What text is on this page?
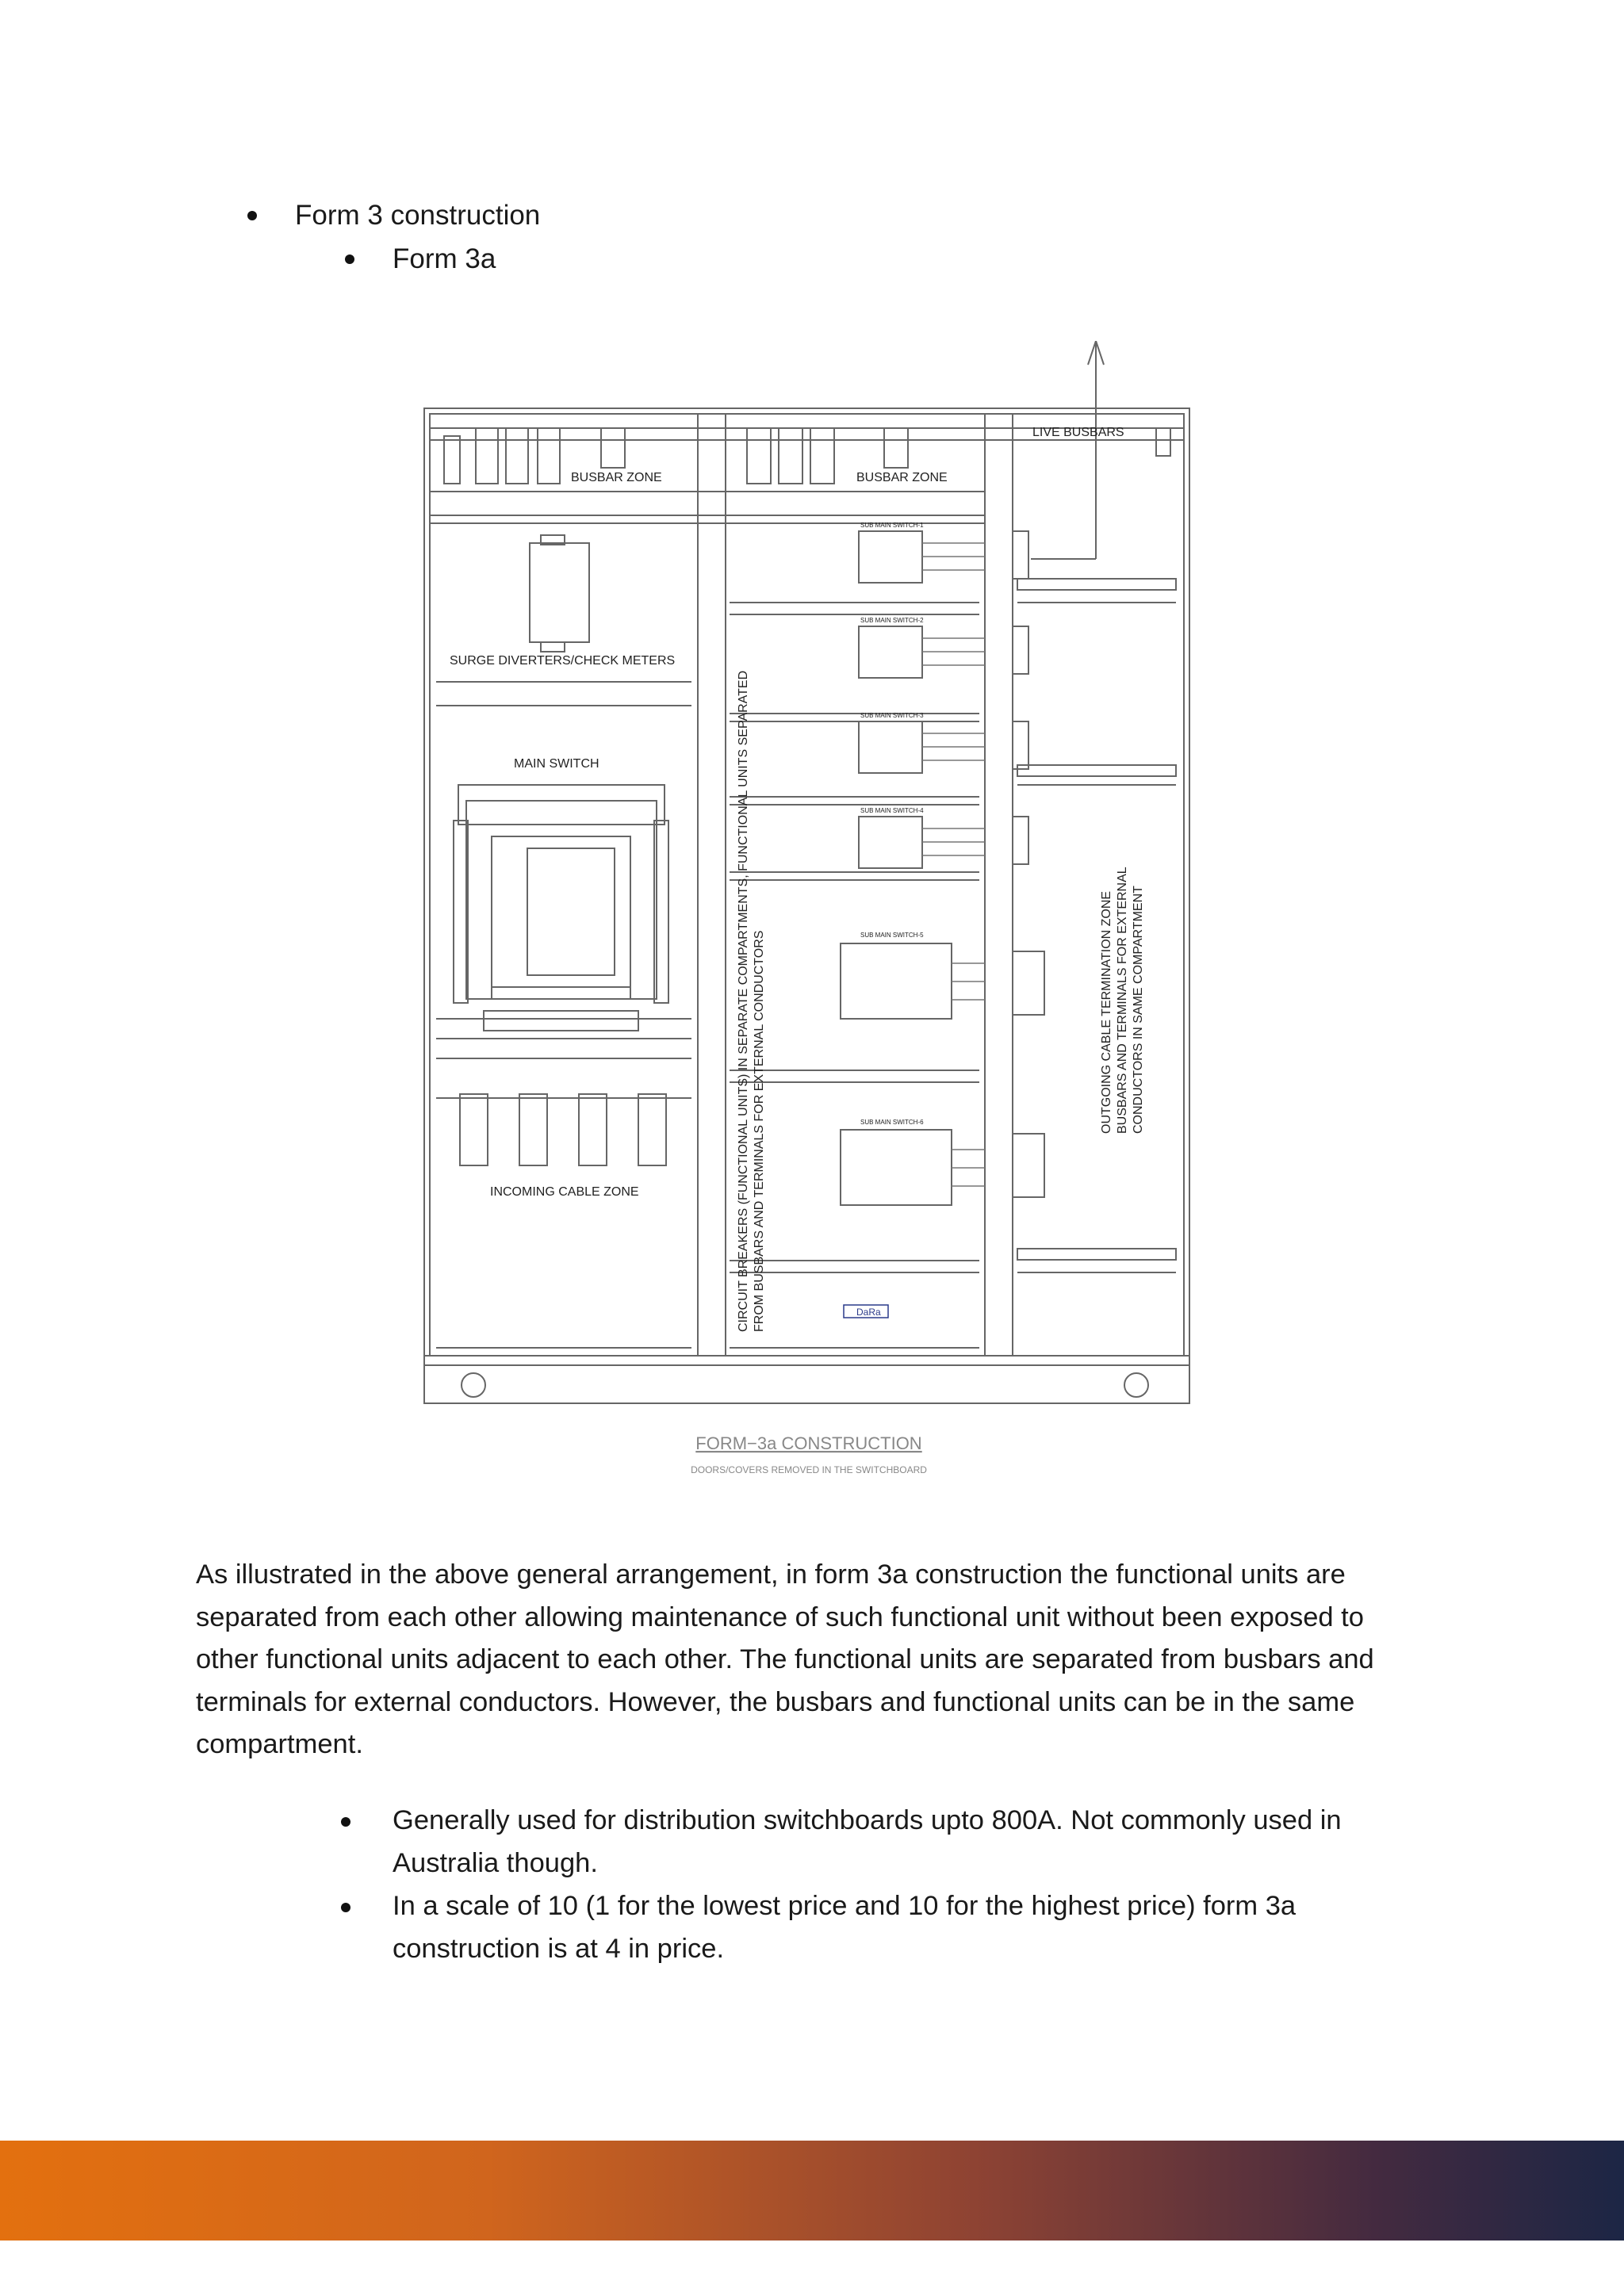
Form 3 construction
Form 3a
BUSBAR ZONE	BUSBAR ZONE
LIVE BUSBARS
SURGE DIVERTERS/CHECK METERS
MAIN SWITCH
INCOMING CABLE ZONE
SUB MAIN SWITCH-1
SUB MAIN SWITCH-2
SUB MAIN SWITCH-3
SUB MAIN SWITCH-4
SUB MAIN SWITCH-5
SUB MAIN SWITCH-6
CIRCUIT BREAKERS (FUNCTIONAL UNITS) IN SEPARATE COMPARTMENTS, FUNCTIONAL UNITS SEPARATED FROM BUSBARS AND TERMINALS FOR EXTERNAL CONDUCTORS	OUTGOING CABLE TERMINATION ZONE BUSBARS AND TERMINALS FOR EXTERNAL CONDUCTORS IN SAME COMPARTMENT
DaRa
FORM−3a CONSTRUCTION
DOORS/COVERS REMOVED IN THE SWITCHBOARD
As illustrated in the above general arrangement, in form 3a construction the functional units are
separated from each other allowing maintenance of such functional unit without been exposed to
other functional units adjacent to each other. The functional units are separated from busbars and
terminals for external conductors. However, the busbars and functional units can be in the same
compartment.
Generally used for distribution switchboards upto 800A. Not commonly used in
Australia though.
In a scale of 10 (1 for the lowest price and 10 for the highest price) form 3a
construction is at 4 in price.
